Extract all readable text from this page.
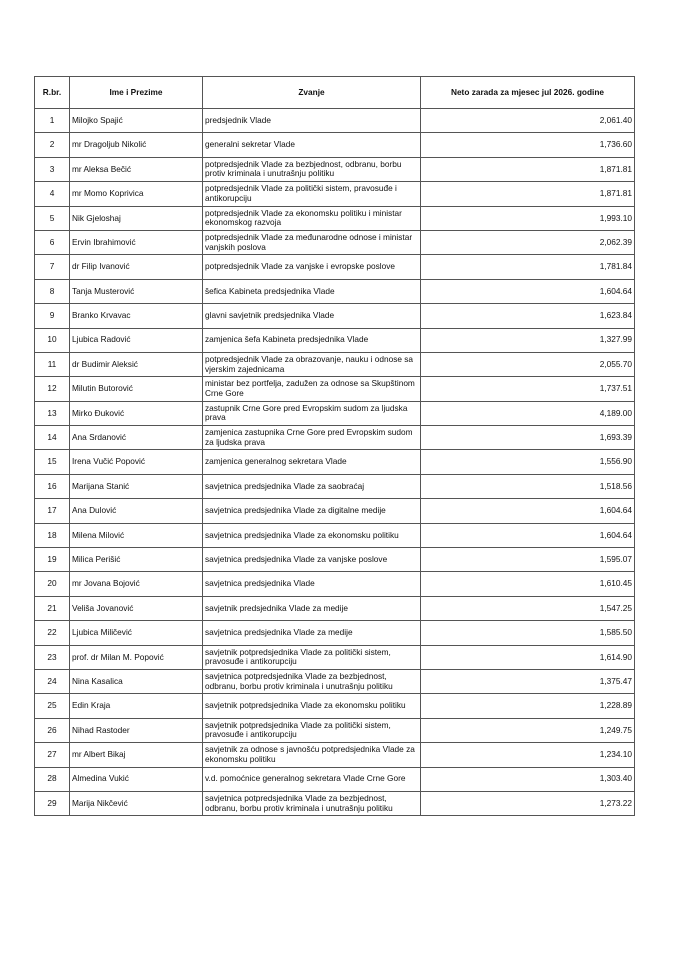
R.br.	Ime i Prezime	Zvanje	Neto zarada za mjesec jul 2026. godine
1	Milojko Spajić	predsjednik Vlade	2,061.40
2	mr Dragoljub Nikolić	generalni sekretar Vlade	1,736.60
3	mr Aleksa Bečić	potpredsjednik Vlade za bezbjednost, odbranu, borbu protiv kriminala i unutrašnju politiku	1,871.81
4	mr Momo Koprivica	potpredsjednik Vlade za politički sistem, pravosuđe i antikorupciju	1,871.81
5	Nik Gjeloshaj	potpredsjednik Vlade za ekonomsku politiku i ministar ekonomskog razvoja	1,993.10
6	Ervin Ibrahimović	potpredsjednik Vlade za međunarodne odnose i ministar vanjskih poslova	2,062.39
7	dr Filip Ivanović	potpredsjednik Vlade za vanjske i evropske poslove	1,781.84
8	Tanja Musterović	šefica Kabineta predsjednika Vlade	1,604.64
9	Branko Krvavac	glavni savjetnik predsjednika Vlade	1,623.84
10	Ljubica Radović	zamjenica šefa Kabineta predsjednika Vlade	1,327.99
11	dr Budimir Aleksić	potpredsjednik Vlade za obrazovanje, nauku i odnose sa vjerskim zajednicama	2,055.70
12	Milutin Butorović	ministar bez portfelja, zadužen za odnose sa Skupštinom Crne Gore	1,737.51
13	Mirko Đuković	zastupnik Crne Gore pred Evropskim sudom za ljudska prava	4,189.00
14	Ana Srdanović	zamjenica zastupnika Crne Gore pred Evropskim sudom za ljudska prava	1,693.39
15	Irena Vučić Popović	zamjenica generalnog sekretara Vlade	1,556.90
16	Marijana Stanić	savjetnica predsjednika Vlade za saobraćaj	1,518.56
17	Ana Dulović	savjetnica predsjednika Vlade za digitalne medije	1,604.64
18	Milena Milović	savjetnica predsjednika Vlade za ekonomsku politiku	1,604.64
19	Milica Perišić	savjetnica predsjednika Vlade za vanjske poslove	1,595.07
20	mr Jovana Bojović	savjetnica predsjednika Vlade	1,610.45
21	Veliša Jovanović	savjetnik predsjednika Vlade za medije	1,547.25
22	Ljubica Miličević	savjetnica predsjednika Vlade za medije	1,585.50
23	prof. dr Milan M. Popović	savjetnik potpredsjednika Vlade za politički sistem, pravosuđe i antikorupciju	1,614.90
24	Nina Kasalica	savjetnica potpredsjednika Vlade za bezbjednost, odbranu, borbu protiv kriminala i unutrašnju politiku	1,375.47
25	Edin Kraja	savjetnik potpredsjednika Vlade za ekonomsku politiku	1,228.89
26	Nihad Rastoder	savjetnik potpredsjednika Vlade za politički sistem, pravosuđe i antikorupciju	1,249.75
27	mr Albert Bikaj	savjetnik za odnose s javnošću potpredsjednika Vlade za ekonomsku politiku	1,234.10
28	Almedina Vukić	v.d. pomoćnice generalnog sekretara Vlade Crne Gore	1,303.40
29	Marija Nikčević	savjetnica potpredsjednika Vlade za bezbjednost, odbranu, borbu protiv kriminala i unutrašnju politiku	1,273.22
